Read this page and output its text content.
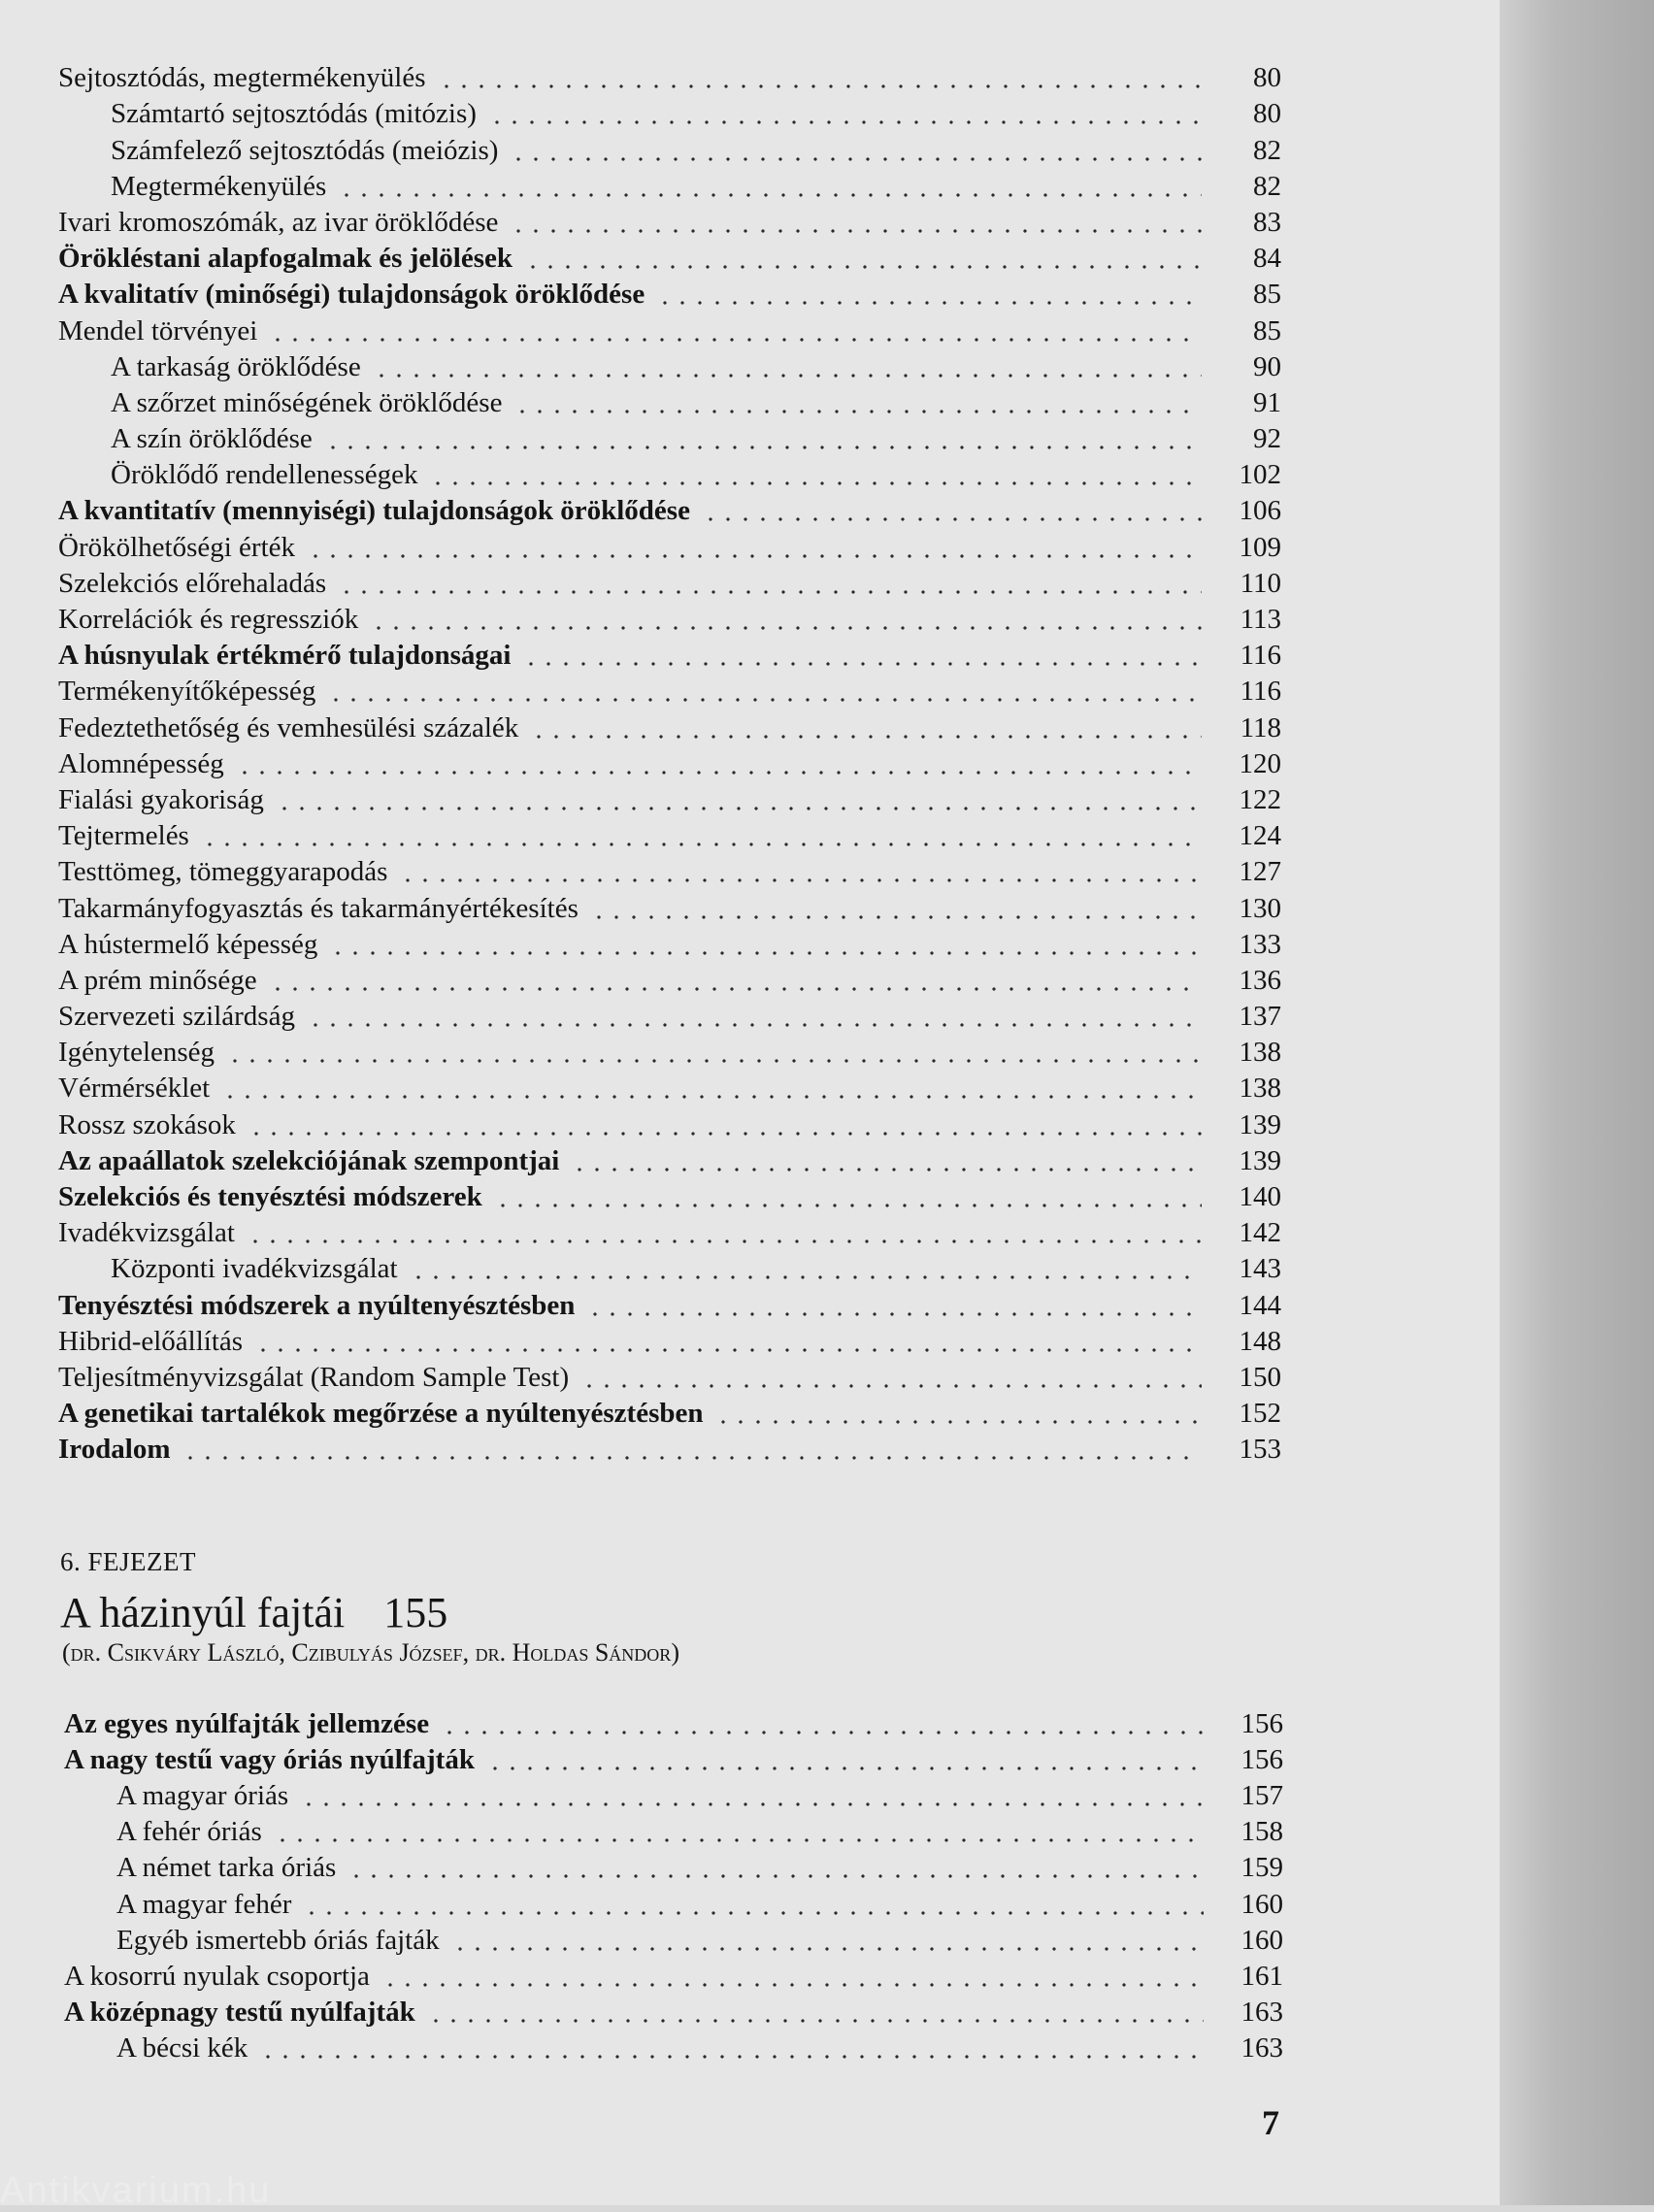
Sejtosztódás, megtermékenyülés	80
Számtartó sejtosztódás (mitózis)	80
Számfelező sejtosztódás (meiózis)	82
Megtermékenyülés	82
Ivari kromoszómák, az ivar öröklődése	83
Örökléstani alapfogalmak és jelölések	84
A kvalitatív (minőségi) tulajdonságok öröklődése	85
Mendel törvényei	85
A tarkaság öröklődése	90
A szőrzet minőségének öröklődése	91
A szín öröklődése	92
Öröklődő rendellenességek	102
A kvantitatív (mennyiségi) tulajdonságok öröklődése	106
Örökölhetőségi érték	109
Szelekciós előrehaladás	110
Korrelációk és regressziók	113
A húsnyulak értékmérő tulajdonságai	116
Termékenyítőképesség	116
Fedeztethetőség és vemhesülési százalék	118
Alomnépesség	120
Fialási gyakoriság	122
Tejtermelés	124
Testtömeg, tömeggyarapodás	127
Takarmányfogyasztás és takarmányértékesítés	130
A hústermelő képesség	133
A prém minősége	136
Szervezeti szilárdság	137
Igénytelenség	138
Vérmérséklet	138
Rossz szokások	139
Az apaállatok szelekciójának szempontjai	139
Szelekciós és tenyésztési módszerek	140
Ivadékvizsgálat	142
Központi ivadékvizsgálat	143
Tenyésztési módszerek a nyúltenyésztésben	144
Hibrid-előállítás	148
Teljesítményvizsgálat (Random Sample Test)	150
A genetikai tartalékok megőrzése a nyúltenyésztésben	152
Irodalom	153
6. FEJEZET
A házinyúl fajtái 155
(dr. Csikváry László, Czibulyás József, dr. Holdas Sándor)
Az egyes nyúlfajták jellemzése	156
A nagy testű vagy óriás nyúlfajták	156
A magyar óriás	157
A fehér óriás	158
A német tarka óriás	159
A magyar fehér	160
Egyéb ismertebb óriás fajták	160
A kosorrú nyulak csoportja	161
A középnagy testű nyúlfajták	163
A bécsi kék	163
7
Antikvarium.hu
